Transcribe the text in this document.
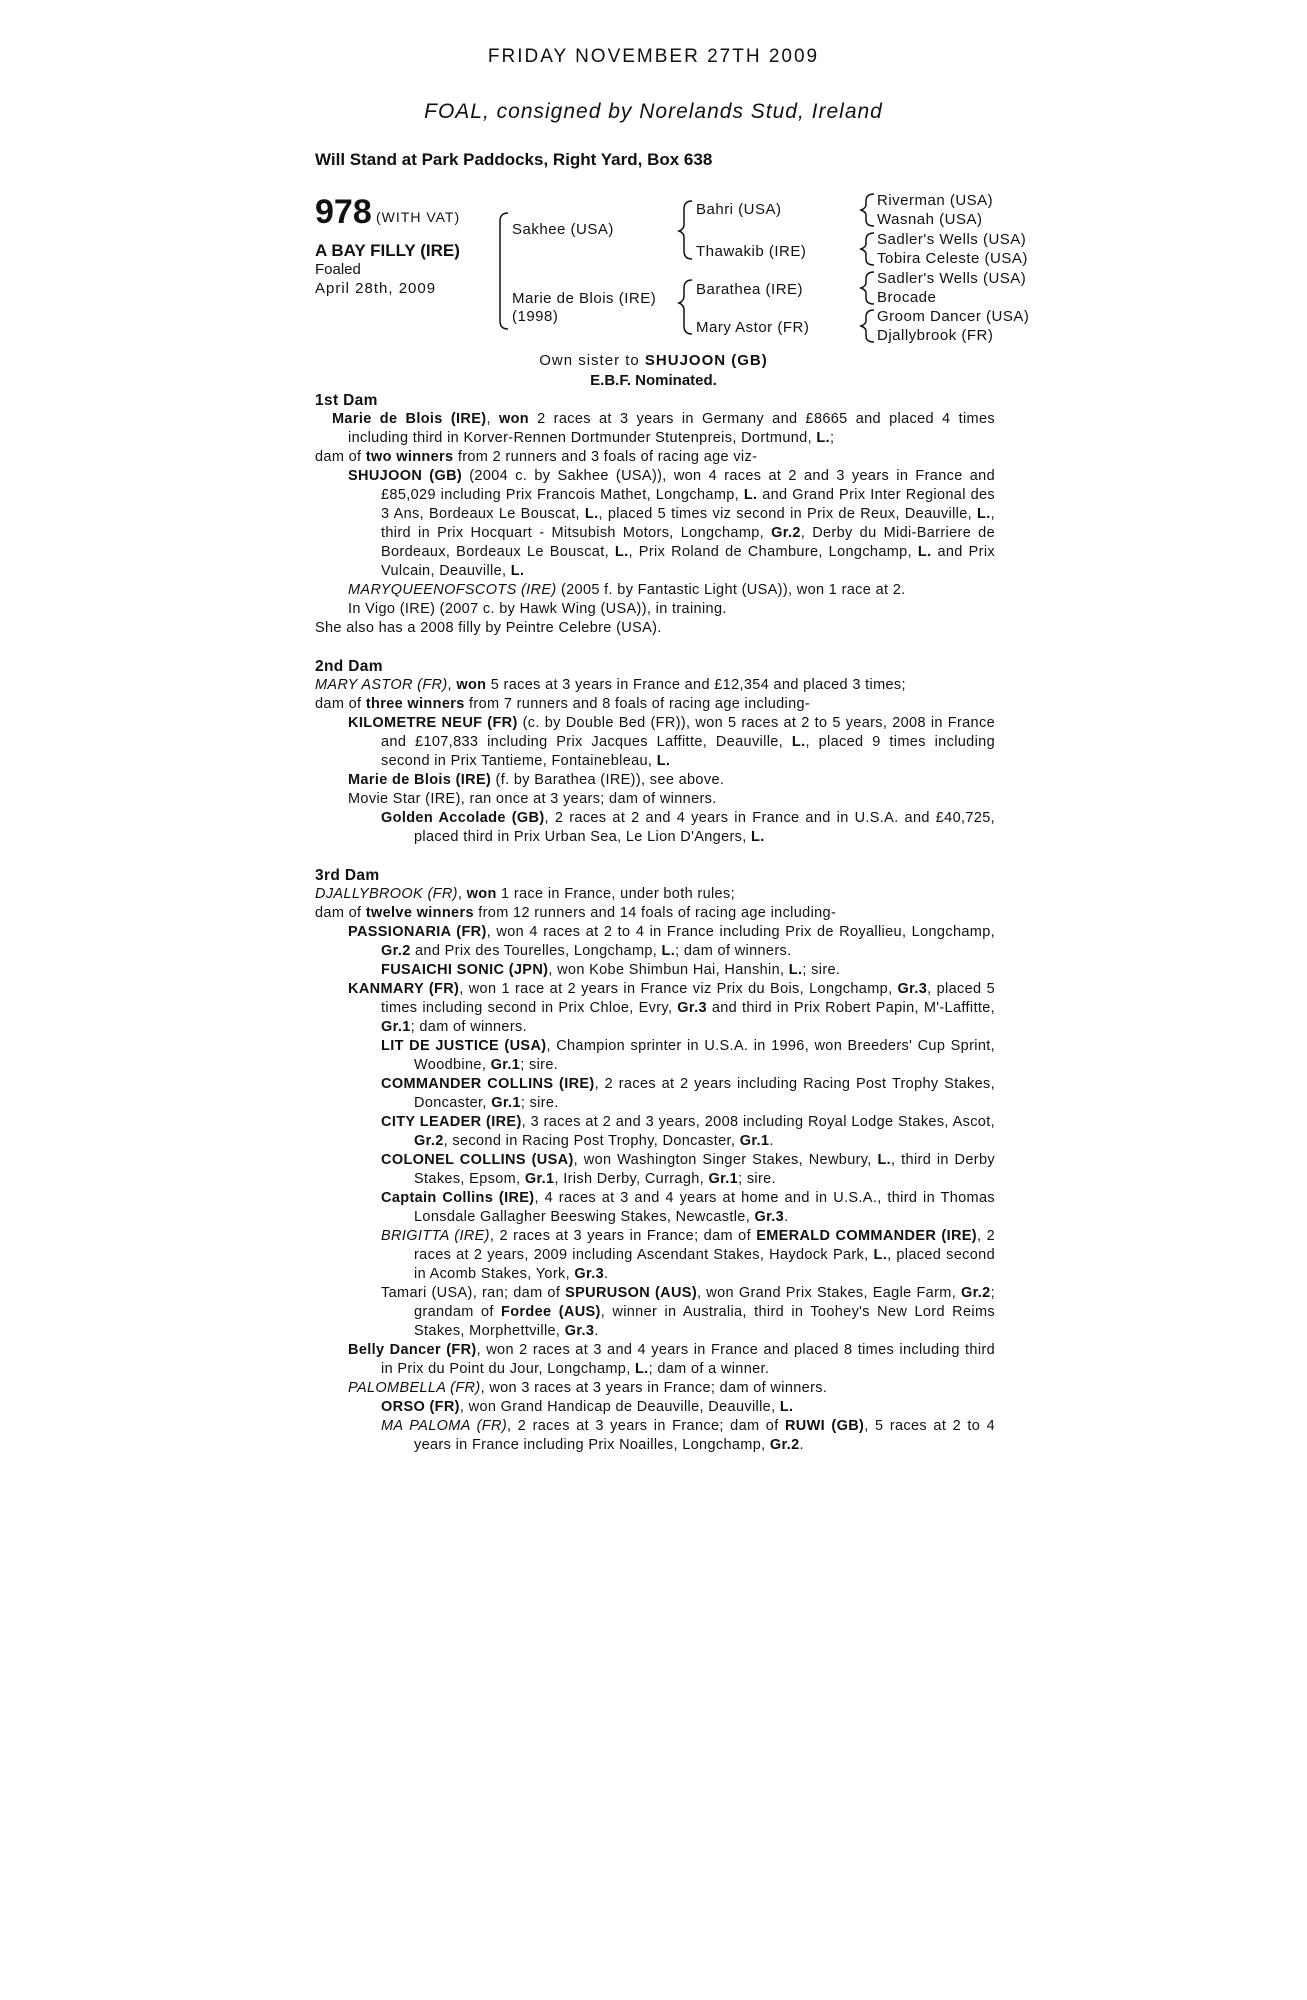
FRIDAY NOVEMBER 27TH 2009
FOAL, consigned by Norelands Stud, Ireland
Will Stand at Park Paddocks, Right Yard, Box 638
978 (WITH VAT)
A BAY FILLY (IRE)
Foaled
April 28th, 2009
Sakhee (USA)
Marie de Blois (IRE)
(1998)
Bahri (USA)
Thawakib (IRE)
Barathea (IRE)
Mary Astor (FR)
Riverman (USA)
Wasnah (USA)
Sadler's Wells (USA)
Tobira Celeste (USA)
Sadler's Wells (USA)
Brocade
Groom Dancer (USA)
Djallybrook (FR)
Own sister to SHUJOON (GB)
E.B.F. Nominated.

1st Dam

Marie de Blois (IRE), won 2 races at 3 years in Germany and £8665 and placed 4 times including third in Korver-Rennen Dortmunder Stutenpreis, Dortmund, L.;

dam of two winners from 2 runners and 3 foals of racing age viz-

SHUJOON (GB) (2004 c. by Sakhee (USA)), won 4 races at 2 and 3 years in France and £85,029 including Prix Francois Mathet, Longchamp, L. and Grand Prix Inter Regional des 3 Ans, Bordeaux Le Bouscat, L., placed 5 times viz second in Prix de Reux, Deauville, L., third in Prix Hocquart - Mitsubish Motors, Longchamp, Gr.2, Derby du Midi-Barriere de Bordeaux, Bordeaux Le Bouscat, L., Prix Roland de Chambure, Longchamp, L. and Prix Vulcain, Deauville, L.

MARYQUEENOFSCOTS (IRE) (2005 f. by Fantastic Light (USA)), won 1 race at 2.

In Vigo (IRE) (2007 c. by Hawk Wing (USA)), in training.

She also has a 2008 filly by Peintre Celebre (USA).

2nd Dam

MARY ASTOR (FR), won 5 races at 3 years in France and £12,354 and placed 3 times;

dam of three winners from 7 runners and 8 foals of racing age including-

KILOMETRE NEUF (FR) (c. by Double Bed (FR)), won 5 races at 2 to 5 years, 2008 in France and £107,833 including Prix Jacques Laffitte, Deauville, L., placed 9 times including second in Prix Tantieme, Fontainebleau, L.

Marie de Blois (IRE) (f. by Barathea (IRE)), see above.

Movie Star (IRE), ran once at 3 years; dam of winners.

Golden Accolade (GB), 2 races at 2 and 4 years in France and in U.S.A. and £40,725, placed third in Prix Urban Sea, Le Lion D'Angers, L.

3rd Dam

DJALLYBROOK (FR), won 1 race in France, under both rules;

dam of twelve winners from 12 runners and 14 foals of racing age including-

PASSIONARIA (FR), won 4 races at 2 to 4 in France including Prix de Royallieu, Longchamp, Gr.2 and Prix des Tourelles, Longchamp, L.; dam of winners.

FUSAICHI SONIC (JPN), won Kobe Shimbun Hai, Hanshin, L.; sire.

KANMARY (FR), won 1 race at 2 years in France viz Prix du Bois, Longchamp, Gr.3, placed 5 times including second in Prix Chloe, Evry, Gr.3 and third in Prix Robert Papin, M'-Laffitte, Gr.1; dam of winners.

LIT DE JUSTICE (USA), Champion sprinter in U.S.A. in 1996, won Breeders' Cup Sprint, Woodbine, Gr.1; sire.

COMMANDER COLLINS (IRE), 2 races at 2 years including Racing Post Trophy Stakes, Doncaster, Gr.1; sire.

CITY LEADER (IRE), 3 races at 2 and 3 years, 2008 including Royal Lodge Stakes, Ascot, Gr.2, second in Racing Post Trophy, Doncaster, Gr.1.

COLONEL COLLINS (USA), won Washington Singer Stakes, Newbury, L., third in Derby Stakes, Epsom, Gr.1, Irish Derby, Curragh, Gr.1; sire.

Captain Collins (IRE), 4 races at 3 and 4 years at home and in U.S.A., third in Thomas Lonsdale Gallagher Beeswing Stakes, Newcastle, Gr.3.

BRIGITTA (IRE), 2 races at 3 years in France; dam of EMERALD COMMANDER (IRE), 2 races at 2 years, 2009 including Ascendant Stakes, Haydock Park, L., placed second in Acomb Stakes, York, Gr.3.

Tamari (USA), ran; dam of SPURUSON (AUS), won Grand Prix Stakes, Eagle Farm, Gr.2; grandam of Fordee (AUS), winner in Australia, third in Toohey's New Lord Reims Stakes, Morphettville, Gr.3.

Belly Dancer (FR), won 2 races at 3 and 4 years in France and placed 8 times including third in Prix du Point du Jour, Longchamp, L.; dam of a winner.

PALOMBELLA (FR), won 3 races at 3 years in France; dam of winners.

ORSO (FR), won Grand Handicap de Deauville, Deauville, L.

MA PALOMA (FR), 2 races at 3 years in France; dam of RUWI (GB), 5 races at 2 to 4 years in France including Prix Noailles, Longchamp, Gr.2.
